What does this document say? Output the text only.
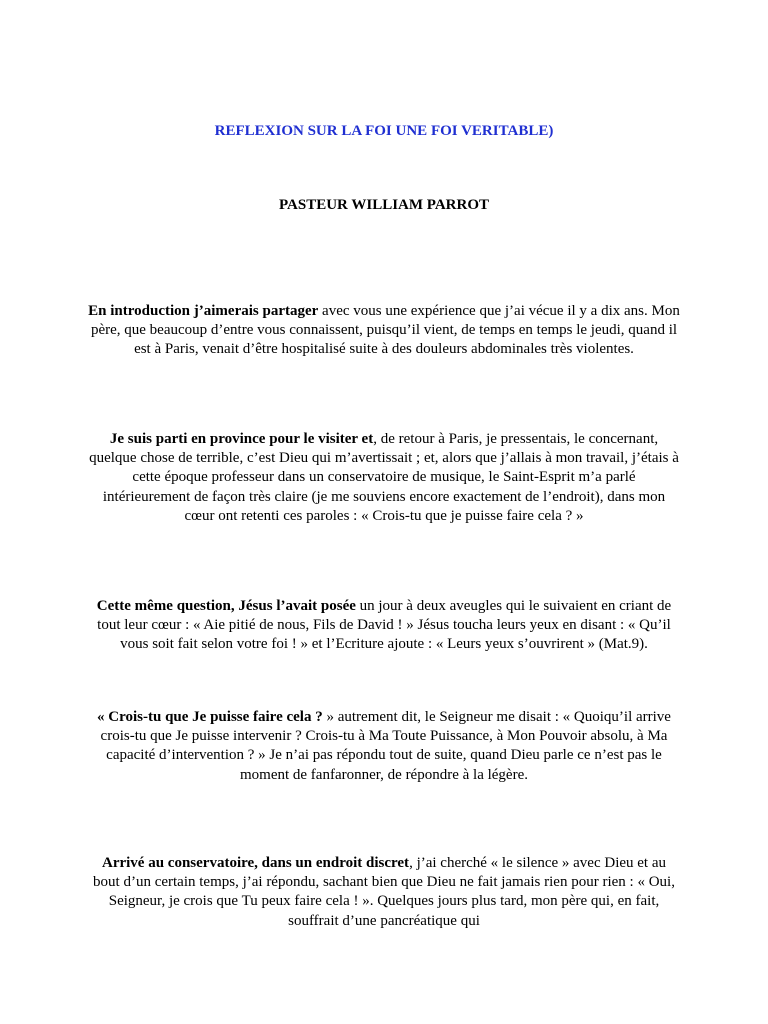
REFLEXION SUR LA FOI UNE FOI VERITABLE)
PASTEUR WILLIAM PARROT

En introduction j’aimerais partager avec vous une expérience que j’ai vécue il y a dix ans. Mon père, que beaucoup d’entre vous connaissent, puisqu’il vient, de temps en temps le jeudi, quand il est à Paris, venait d’être hospitalisé suite à des douleurs abdominales très violentes.

Je suis parti en province pour le visiter et, de retour à Paris, je pressentais, le concernant, quelque chose de terrible, c’est Dieu qui m’avertissait ; et, alors que j’allais à mon travail, j’étais à cette époque professeur dans un conservatoire de musique, le Saint-Esprit m’a parlé intérieurement de façon très claire (je me souviens encore exactement de l’endroit), dans mon cœur ont retenti ces paroles : « Crois-tu que je puisse faire cela ? »

Cette même question, Jésus l’avait posée un jour à deux aveugles qui le suivaient en criant de tout leur cœur : « Aie pitié de nous, Fils de David ! » Jésus toucha leurs yeux en disant : « Qu’il vous soit fait selon votre foi ! » et l’Ecriture ajoute : « Leurs yeux s’ouvrirent » (Mat.9).

« Crois-tu que Je puisse faire cela ? » autrement dit, le Seigneur me disait : « Quoiqu’il arrive crois-tu que Je puisse intervenir ? Crois-tu à Ma Toute Puissance, à Mon Pouvoir absolu, à Ma capacité d’intervention ? » Je n’ai pas répondu tout de suite, quand Dieu parle ce n’est pas le moment de fanfaronner, de répondre à la légère.

Arrivé au conservatoire, dans un endroit discret, j’ai cherché « le silence » avec Dieu et au bout d’un certain temps, j’ai répondu, sachant bien que Dieu ne fait jamais rien pour rien : « Oui, Seigneur, je crois que Tu peux faire cela ! ». Quelques jours plus tard, mon père qui, en fait, souffrait d’une pancréatique qui
